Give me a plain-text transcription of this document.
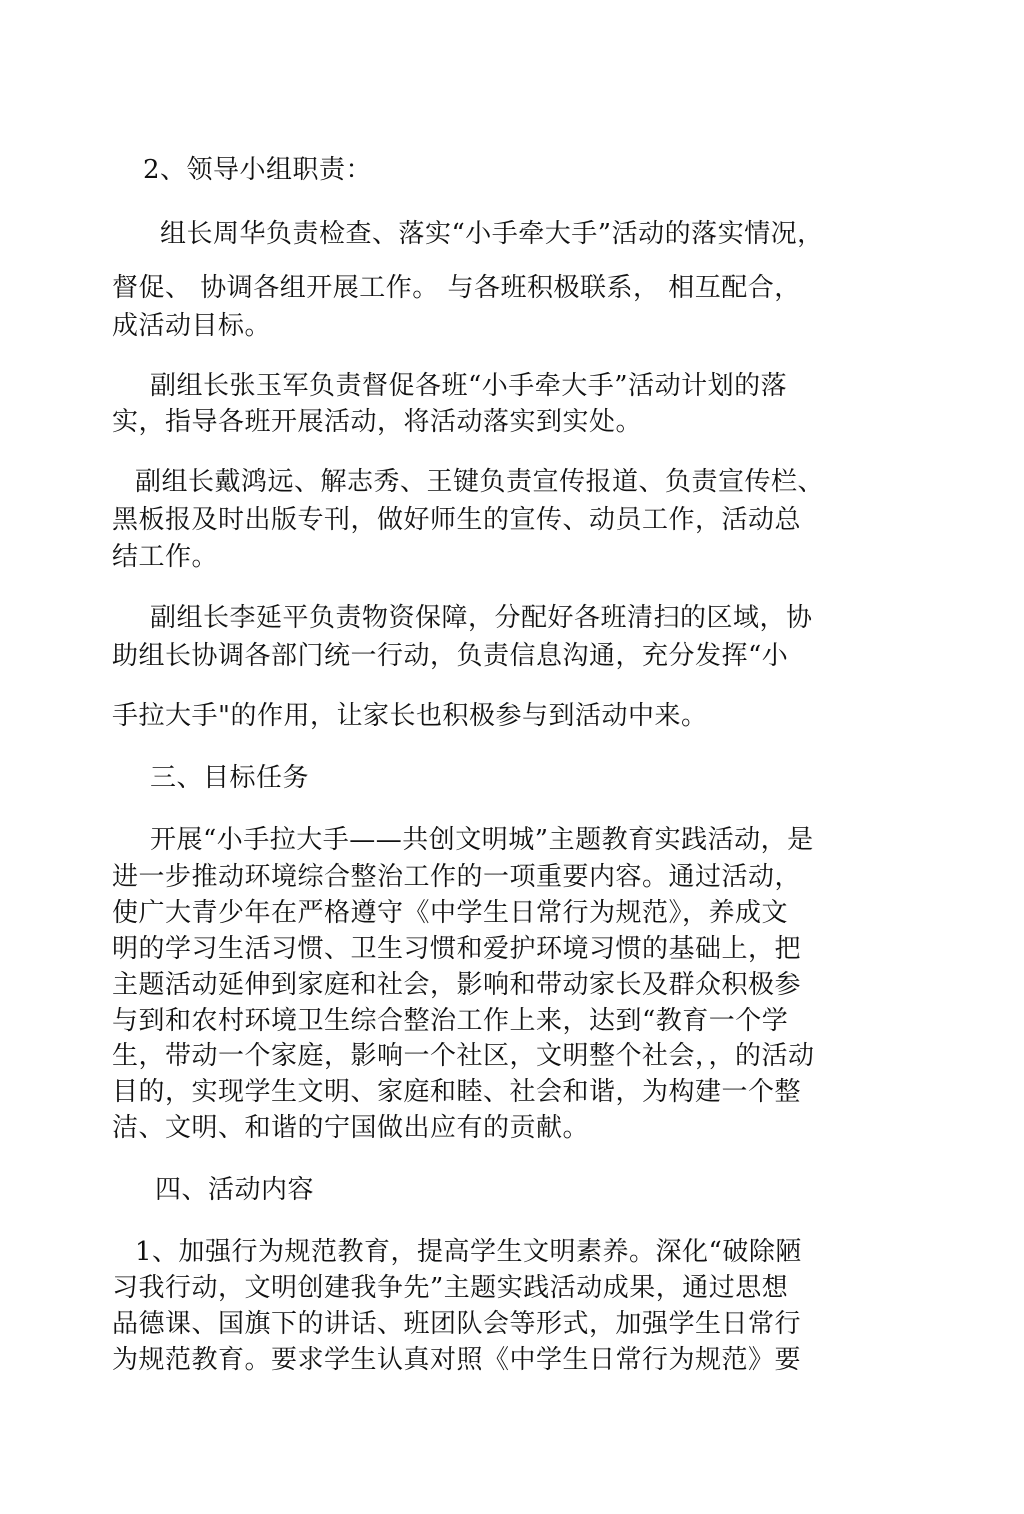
2、领导小组职责：

组长周华负责检查、落实“小手牵大手”活动的落实情况，

督促、 协调各组开展工作。 与各班积极联系， 相互配合，

成活动目标。

副组长张玉军负责督促各班“小手牵大手”活动计划的落

实，指导各班开展活动，将活动落实到实处。

副组长戴鸿远、解志秀、王键负责宣传报道、负责宣传栏、

黑板报及时出版专刊，做好师生的宣传、动员工作，活动总

结工作。

副组长李延平负责物资保障，分配好各班清扫的区域，协

助组长协调各部门统一行动，负责信息沟通，充分发挥“小

手拉大手"的作用，让家长也积极参与到活动中来。

三、目标任务

开展“小手拉大手——共创文明城”主题教育实践活动，是

进一步推动环境综合整治工作的一项重要内容。通过活动，

使广大青少年在严格遵守《中学生日常行为规范》，养成文

明的学习生活习惯、卫生习惯和爱护环境习惯的基础上，把

主题活动延伸到家庭和社会，影响和带动家长及群众积极参

与到和农村环境卫生综合整治工作上来，达到“教育一个学

生，带动一个家庭，影响一个社区，文明整个社会，，的活动

目的，实现学生文明、家庭和睦、社会和谐，为构建一个整

洁、文明、和谐的宁国做出应有的贡献。

四、活动内容

1、加强行为规范教育，提高学生文明素养。深化“破除陋

习我行动，文明创建我争先”主题实践活动成果，通过思想

品德课、国旗下的讲话、班团队会等形式，加强学生日常行

为规范教育。要求学生认真对照《中学生日常行为规范》要
